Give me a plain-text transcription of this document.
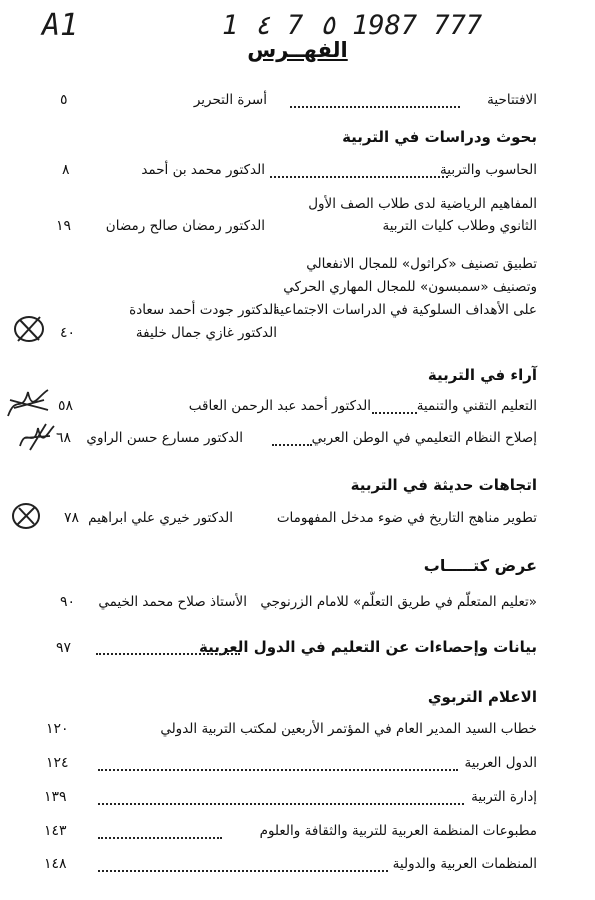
A1	1 ٤ 7 ٥ 1987 777
الفهــرس
الافتتاحية
أسرة التحرير
٥
بحوث ودراسات في التربية
الحاسوب والتربية
الدكتور محمد بن أحمد
٨
المفاهيم الرياضية لدى طلاب الصف الأول
الثانوي وطلاب كليات التربية
الدكتور رمضان صالح رمضان
١٩
تطبيق تصنيف «كراثول» للمجال الانفعالي
وتصنيف «سمبسون» للمجال المهاري الحركي
على الأهداف السلوكية في الدراسات الاجتماعية..
الدكتور جودت أحمد سعادة
الدكتور غازي جمال خليفة
٤٠
آراء في التربية
التعليم التقني والتنمية
الدكتور أحمد عبد الرحمن العاقب
٥٨
إصلاح النظام التعليمي في الوطن العربي
الدكتور مسارع حسن الراوي
٦٨
اتجاهات حديثة في التربية
تطوير مناهج التاريخ في ضوء مدخل المفهومات
الدكتور خيري علي ابراهيم
٧٨
عرض كتـــــاب
«تعليم المتعلّم في طريق التعلّم» للامام الزرنوجي
الأستاذ صلاح محمد الخيمي
٩٠
بيانات وإحصاءات عن التعليم في الدول العربية
٩٧
الاعلام التربوي
خطاب السيد المدير العام في المؤتمر الأربعين لمكتب التربية الدولي
١٢٠
الدول العربية
١٢٤
إدارة التربية
١٣٩
مطبوعات المنظمة العربية للتربية والثقافة والعلوم
١٤٣
المنظمات العربية والدولية
١٤٨
